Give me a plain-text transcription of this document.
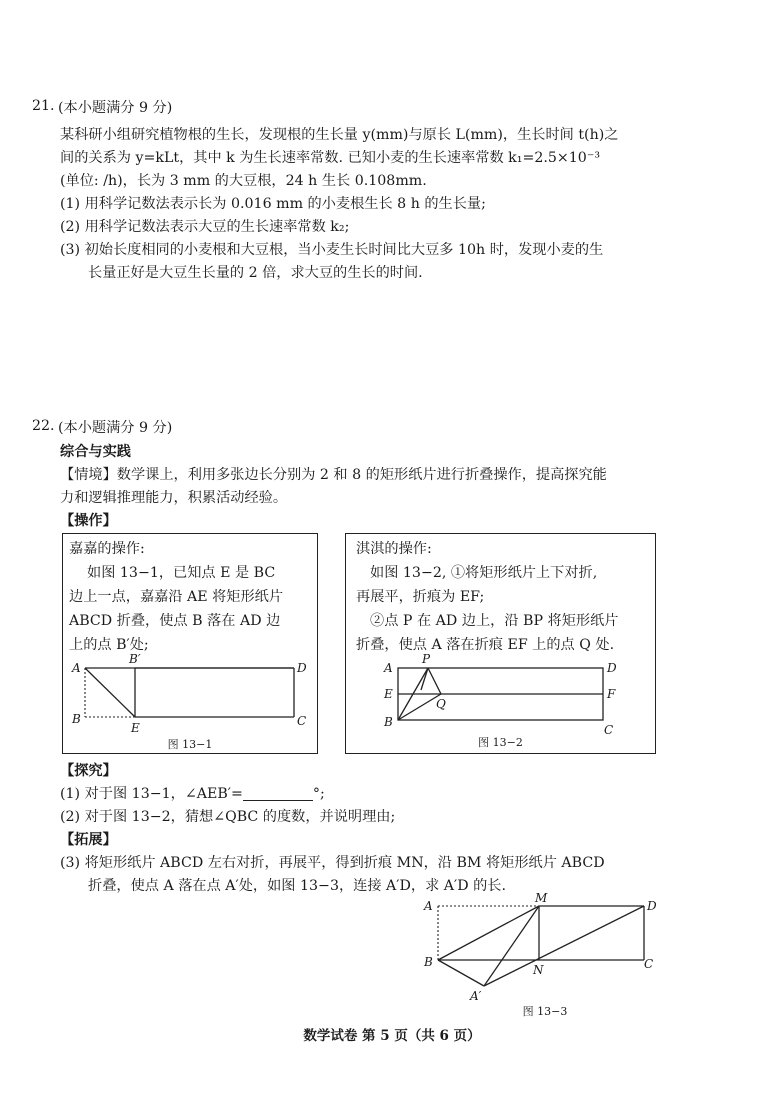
21. (本小题满分 9 分)
某科研小组研究植物根的生长，发现根的生长量 y(mm)与原长 L(mm)，生长时间 t(h)之
间的关系为 y=kLt，其中 k 为生长速率常数. 已知小麦的生长速率常数 k₁=2.5×10⁻³
(单位: /h)，长为 3 mm 的大豆根，24 h 生长 0.108mm.
(1) 用科学记数法表示长为 0.016 mm 的小麦根生长 8 h 的生长量;
(2) 用科学记数法表示大豆的生长速率常数 k₂;
(3) 初始长度相同的小麦根和大豆根，当小麦生长时间比大豆多 10h 时，发现小麦的生
长量正好是大豆生长量的 2 倍，求大豆的生长的时间.
22. (本小题满分 9 分)
综合与实践
【情境】数学课上，利用多张边长分别为 2 和 8 的矩形纸片进行折叠操作，提高探究能
力和逻辑推理能力，积累活动经验。
【操作】
嘉嘉的操作:
如图 13−1，已知点 E 是 BC
边上一点，嘉嘉沿 AE 将矩形纸片
ABCD 折叠，使点 B 落在 AD 边
上的点 B′处;
A
B
B′
D
C
E
图 13−1
淇淇的操作:
如图 13−2, ①将矩形纸片上下对折,
再展平，折痕为 EF;
②点 P 在 AD 边上，沿 BP 将矩形纸片
折叠，使点 A 落在折痕 EF 上的点 Q 处.
A
E
B
P
Q
D
F
C
图 13−2
【探究】
(1) 对于图 13−1，∠AEB′=	°;
(2) 对于图 13−2，猜想∠QBC 的度数，并说明理由;
【拓展】
(3) 将矩形纸片 ABCD 左右对折，再展平，得到折痕 MN，沿 BM 将矩形纸片 ABCD
折叠，使点 A 落在点 A′处，如图 13−3，连接 A′D，求 A′D 的长.
A
B
M
N
D
C
A′
图 13−3
数学试卷 第 5 页（共 6 页）
